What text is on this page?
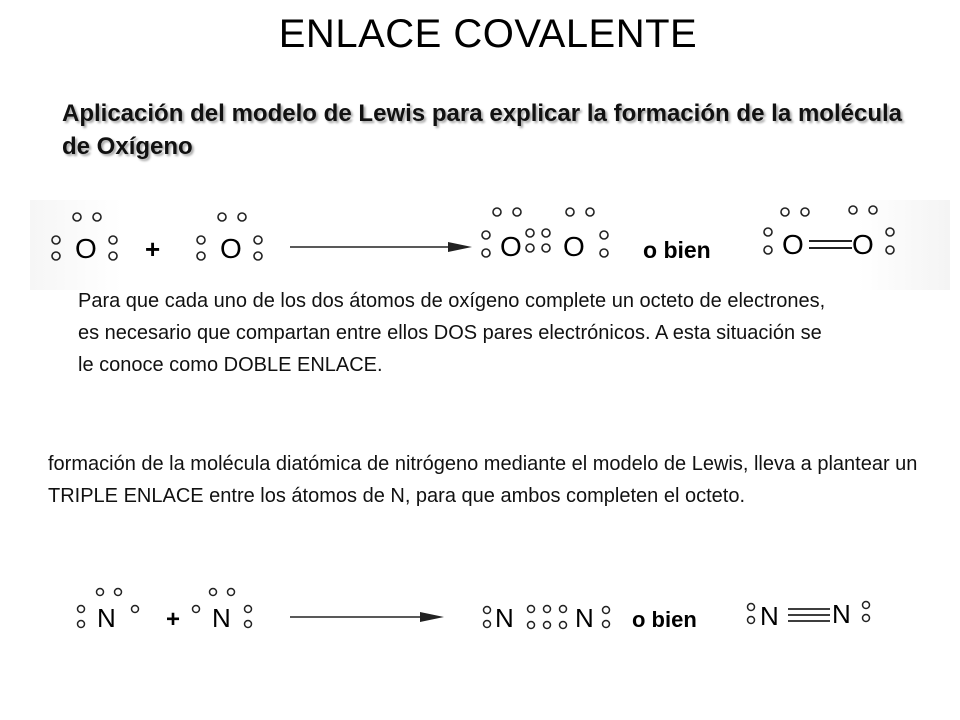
ENLACE COVALENTE
Aplicación del modelo de Lewis para explicar la formación de la molécula de Oxígeno
O + O	O O	o bien	O O
Para que cada uno de los dos átomos de oxígeno complete un octeto de electrones, es necesario que compartan entre ellos DOS pares electrónicos. A esta situación se le conoce como DOBLE ENLACE.
formación de la molécula diatómica de nitrógeno mediante el modelo de Lewis, lleva a plantear un TRIPLE ENLACE entre los átomos de N, para que ambos completen el octeto.
N + N	N N o bien N N
